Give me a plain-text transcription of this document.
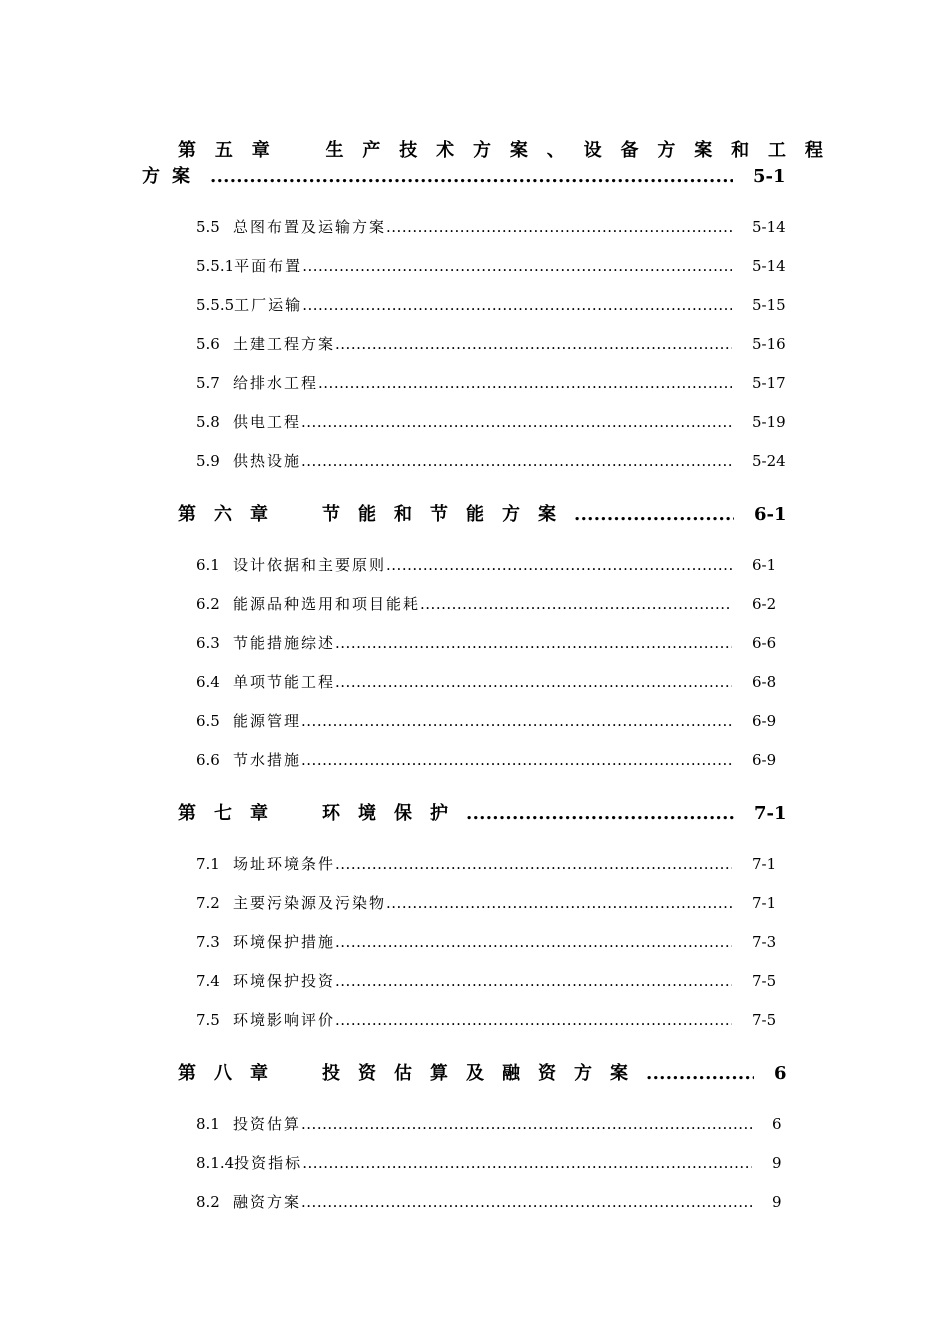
第 五 章	生 产 技 术 方 案 、 设 备 方 案 和 工 程
方案 .....	5-1
5.5 总图布置及运输方案 .....	5-14
5.5.1 平面布置 .....	5-14
5.5.5 工厂运输 .....	5-15
5.6 土建工程方案 .....	5-16
5.7 给排水工程 .....	5-17
5.8 供电工程 .....	5-19
5.9 供热设施 .....	5-24
第六章 节能和节能方案 .....	6-1
6.1 设计依据和主要原则 .....	6-1
6.2 能源品种选用和项目能耗 .....	6-2
6.3 节能措施综述 .....	6-6
6.4 单项节能工程 .....	6-8
6.5 能源管理 .....	6-9
6.6 节水措施 .....	6-9
第七章 环境保护 .....	7-1
7.1 场址环境条件 .....	7-1
7.2 主要污染源及污染物 .....	7-1
7.3 环境保护措施 .....	7-3
7.4 环境保护投资 .....	7-5
7.5 环境影响评价 .....	7-5
第八章 投资估算及融资方案 .....	6
8.1 投资估算 .....	6
8.1.4 投资指标 .....	9
8.2 融资方案 .....	9
